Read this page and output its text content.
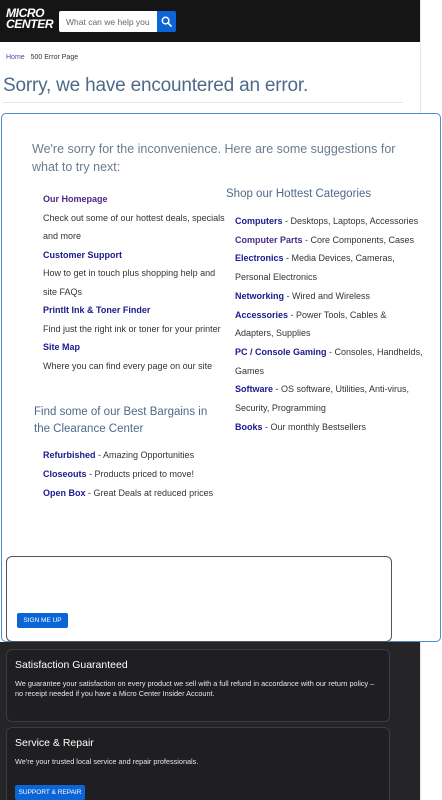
MICRO
CENTER
What can we help you find?
Home 500 Error Page
Sorry, we have encountered an error.
We're sorry for the inconvenience. Here are some suggestions for what to try next:
Our Homepage
Check out some of our hottest deals, specials and more
Customer Support
How to get in touch plus shopping help and site FAQs
PrintIt Ink & Toner Finder
Find just the right ink or toner for your printer
Site Map
Where you can find every page on our site
Find some of our Best Bargains in the Clearance Center
Refurbished - Amazing Opportunities
Closeouts - Products priced to move!
Open Box - Great Deals at reduced prices
Shop our Hottest Categories
Computers - Desktops, Laptops, Accessories
Computer Parts - Core Components, Cases
Electronics - Media Devices, Cameras, Personal Electronics
Networking - Wired and Wireless
Accessories - Power Tools, Cables & Adapters, Supplies
PC / Console Gaming - Consoles, Handhelds, Games
Software - OS software, Utilities, Anti-virus, Security, Programming
Books - Our monthly Bestsellers
SIGN ME UP
Satisfaction Guaranteed

We guarantee your satisfaction on every product we sell with a full refund in accordance with our return policy – no receipt needed if you have a Micro Center Insider Account.

Service & Repair

We're your trusted local service and repair professionals.

SUPPORT & REPAIR
